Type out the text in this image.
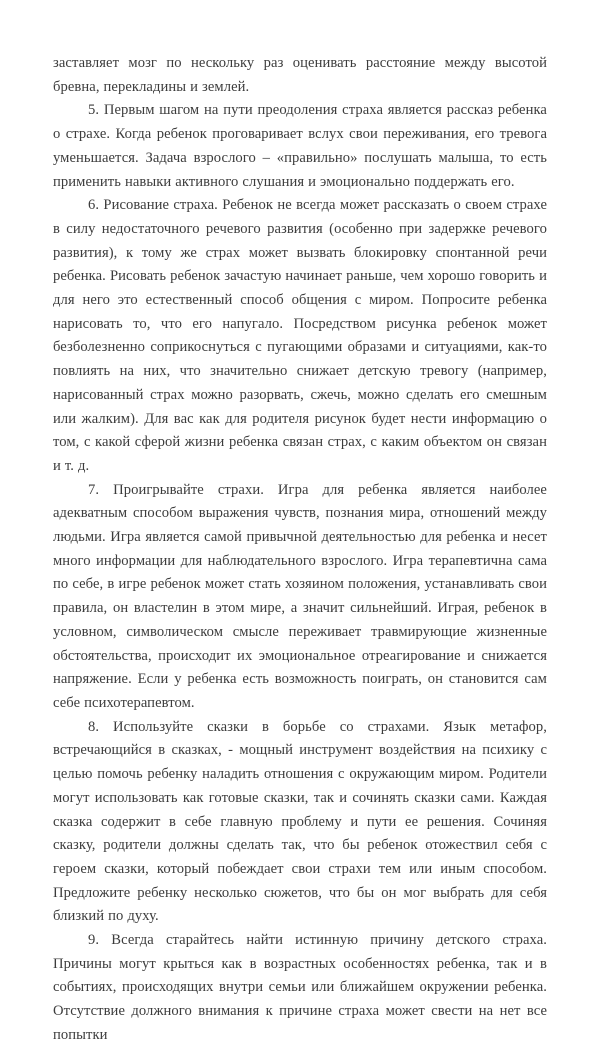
заставляет мозг по нескольку раз оценивать расстояние между высотой бревна, перекладины и землей.

5. Первым шагом на пути преодоления страха является рассказ ребенка о страхе. Когда ребенок проговаривает вслух свои переживания, его тревога уменьшается. Задача взрослого – «правильно» послушать малыша, то есть применить навыки активного слушания и эмоционально поддержать его.

6. Рисование страха. Ребенок не всегда может рассказать о своем страхе в силу недостаточного речевого развития (особенно при задержке речевого развития), к тому же страх может вызвать блокировку спонтанной речи ребенка. Рисовать ребенок зачастую начинает раньше, чем хорошо говорить и для него это естественный способ общения с миром. Попросите ребенка нарисовать то, что его напугало. Посредством рисунка ребенок может безболезненно соприкоснуться с пугающими образами и ситуациями, как-то повлиять на них, что значительно снижает детскую тревогу (например, нарисованный страх можно разорвать, сжечь, можно сделать его смешным или жалким). Для вас как для родителя рисунок будет нести информацию о том, с какой сферой жизни ребенка связан страх, с каким объектом он связан и т. д.

7. Проигрывайте страхи. Игра для ребенка является наиболее адекватным способом выражения чувств, познания мира, отношений между людьми. Игра является самой привычной деятельностью для ребенка и несет много информации для наблюдательного взрослого. Игра терапевтична сама по себе, в игре ребенок может стать хозяином положения, устанавливать свои правила, он властелин в этом мире, а значит сильнейший. Играя, ребенок в условном, символическом смысле переживает травмирующие жизненные обстоятельства, происходит их эмоциональное отреагирование и снижается напряжение. Если у ребенка есть возможность поиграть, он становится сам себе психотерапевтом.

8. Используйте сказки в борьбе со страхами. Язык метафор, встречающийся в сказках, - мощный инструмент воздействия на психику с целью помочь ребенку наладить отношения с окружающим миром. Родители могут использовать как готовые сказки, так и сочинять сказки сами. Каждая сказка содержит в себе главную проблему и пути ее решения. Сочиняя сказку, родители должны сделать так, что бы ребенок отожествил себя с героем сказки, который побеждает свои страхи тем или иным способом. Предложите ребенку несколько сюжетов, что бы он мог выбрать для себя близкий по духу.

9. Всегда старайтесь найти истинную причину детского страха. Причины могут крыться как в возрастных особенностях ребенка, так и в событиях, происходящих внутри семьи или ближайшем окружении ребенка. Отсутствие должного внимания к причине страха может свести на нет все попытки
